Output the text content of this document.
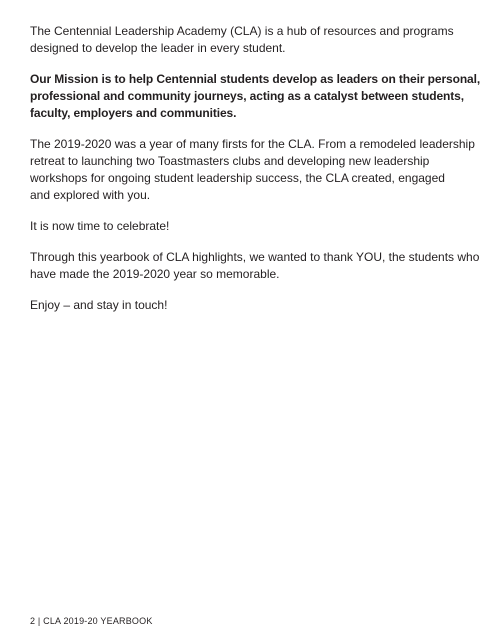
The Centennial Leadership Academy (CLA) is a hub of resources and programs
designed to develop the leader in every student.

Our Mission is to help Centennial students develop as leaders on their personal,
professional and community journeys, acting as a catalyst between students,
faculty, employers and communities.

The 2019-2020 was a year of many firsts for the CLA. From a remodeled leadership
retreat to launching two Toastmasters clubs and developing new leadership
workshops for ongoing student leadership success, the CLA created, engaged
and explored with you.

It is now time to celebrate!

Through this yearbook of CLA highlights, we wanted to thank YOU, the students who
have made the 2019-2020 year so memorable.

Enjoy – and stay in touch!

2 | CLA 2019-20 YEARBOOK
